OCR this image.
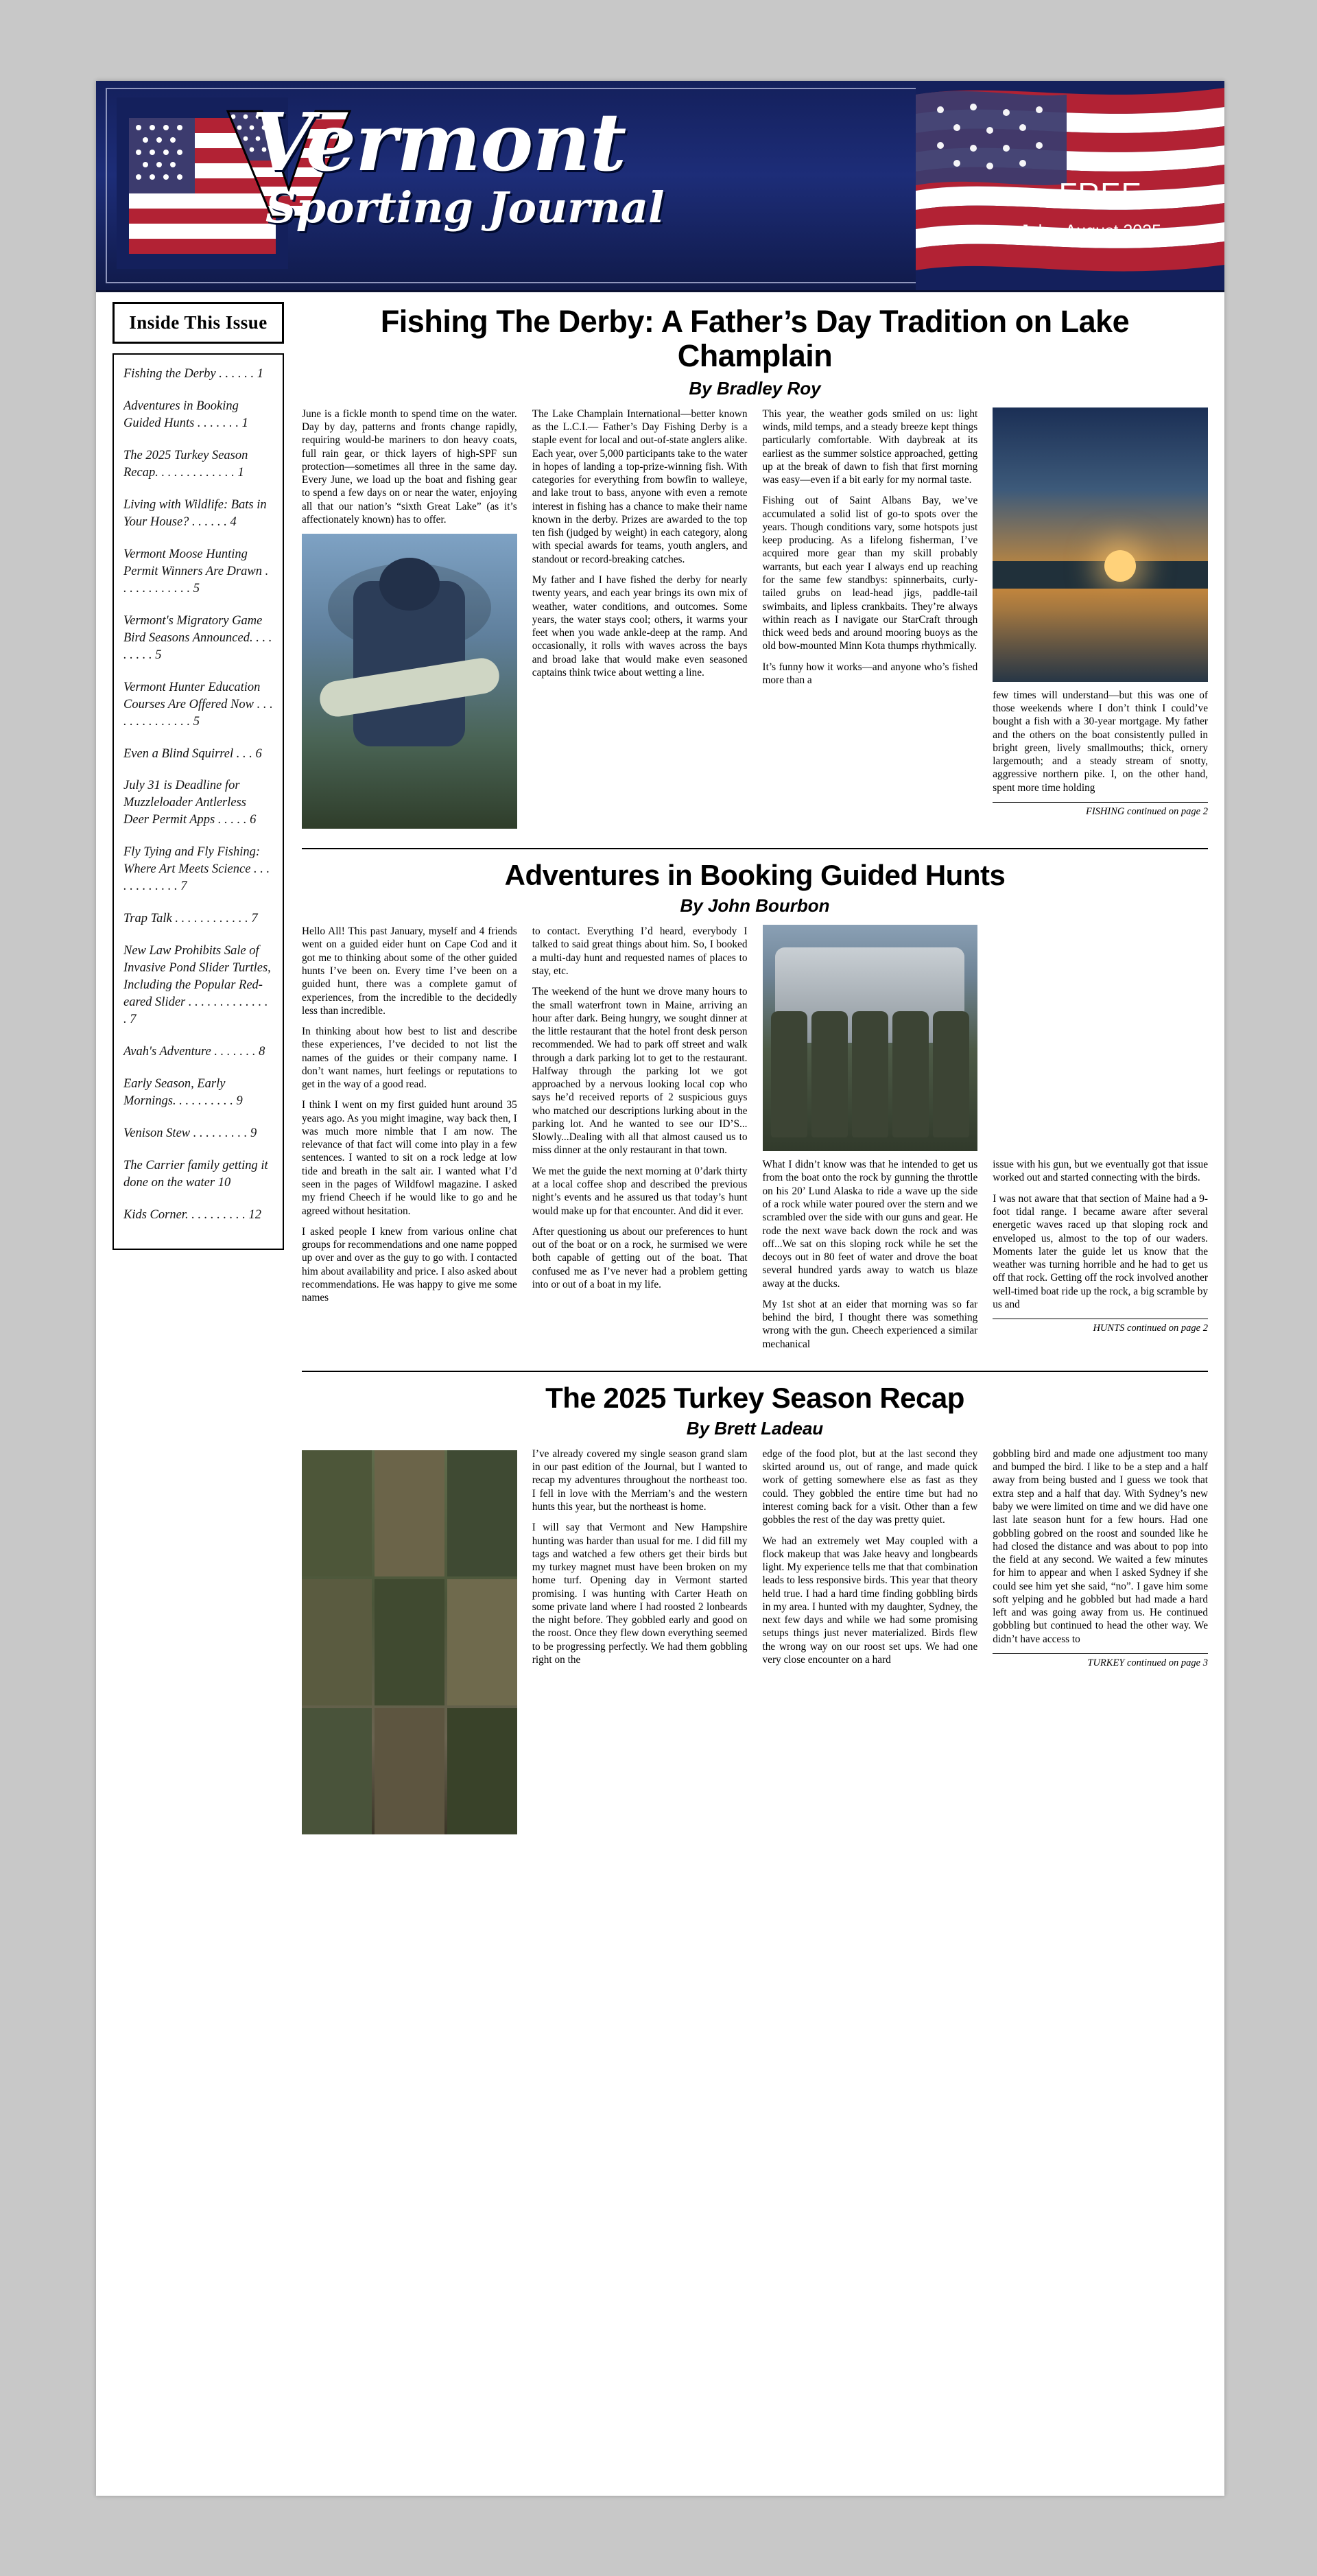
Vermont
Sporting Journal	FREE
July - August 2025
Inside This Issue
Fishing the Derby . . . . . . 1
Adventures in Booking Guided Hunts . . . . . . . 1
The 2025 Turkey Season Recap. . . . . . . . . . . . . 1
Living with Wildlife: Bats in Your House? . . . . . . 4
Vermont Moose Hunting Permit Winners Are Drawn . . . . . . . . . . . . 5
Vermont's Migratory Game Bird Seasons Announced. . . . . . . . . 5
Vermont Hunter Education Courses Are Offered Now . . . . . . . . . . . . . . 5
Even a Blind Squirrel . . . 6
July 31 is Deadline for Muzzleloader Antlerless Deer Permit Apps . . . . . 6
Fly Tying and Fly Fishing: Where Art Meets Science . . . . . . . . . . . . 7
Trap Talk . . . . . . . . . . . . 7
New Law Prohibits Sale of Invasive Pond Slider Turtles, Including the Popular Red-eared Slider . . . . . . . . . . . . . . 7
Avah's Adventure . . . . . . . 8
Early Season, Early Mornings. . . . . . . . . . 9
Venison Stew . . . . . . . . . 9
The Carrier family getting it done on the water 10
Kids Corner. . . . . . . . . . 12
Fishing The Derby: A Father’s Day Tradition on Lake Champlain
By Bradley Roy

June is a fickle month to spend time on the water. Day by day, patterns and fronts change rapidly, requiring would-be mariners to don heavy coats, full rain gear, or thick layers of high-SPF sun protection—sometimes all three in the same day. Every June, we load up the boat and fishing gear to spend a few days on or near the water, enjoying all that our nation’s “sixth Great Lake” (as it’s affectionately known) has to offer.

The Lake Champlain International—better known as the L.C.I.— Father’s Day Fishing Derby is a staple event for local and out-of-state anglers alike. Each year, over 5,000 participants take to the water in hopes of landing a top-prize-winning fish. With categories for everything from bowfin to walleye, and lake trout to bass, anyone with even a remote interest in fishing has a chance to make their name known in the derby. Prizes are awarded to the top ten fish (judged by weight) in each category, along with special awards for teams, youth anglers, and standout or record-breaking catches.

My father and I have fished the derby for nearly twenty years, and each year brings its own mix of weather, water conditions, and outcomes. Some years, the water stays cool; others, it warms your feet when you wade ankle-deep at the ramp. And occasionally, it rolls with waves across the bays and broad lake that would make even seasoned captains think twice about wetting a line.

This year, the weather gods smiled on us: light winds, mild temps, and a steady breeze kept things particularly comfortable. With daybreak at its earliest as the summer solstice approached, getting up at the break of dawn to fish that first morning was easy—even if a bit early for my normal taste.

Fishing out of Saint Albans Bay, we’ve accumulated a solid list of go-to spots over the years. Though conditions vary, some hotspots just keep producing. As a lifelong fisherman, I’ve acquired more gear than my skill probably warrants, but each year I always end up reaching for the same few standbys: spinnerbaits, curly-tailed grubs on lead-head jigs, paddle-tail swimbaits, and lipless crankbaits. They’re always within reach as I navigate our StarCraft through thick weed beds and around mooring buoys as the old bow-mounted Minn Kota thumps rhythmically.

It’s funny how it works—and anyone who’s fished more than a

few times will understand—but this was one of those weekends where I don’t think I could’ve bought a fish with a 30-year mortgage. My father and the others on the boat consistently pulled in bright green, lively smallmouths; thick, ornery largemouth; and a steady stream of snotty, aggressive northern pike. I, on the other hand, spent more time holding

FISHING continued on page 2
Adventures in Booking Guided Hunts
By John Bourbon

Hello All! This past January, myself and 4 friends went on a guided eider hunt on Cape Cod and it got me to thinking about some of the other guided hunts I’ve been on. Every time I’ve been on a guided hunt, there was a complete gamut of experiences, from the incredible to the decidedly less than incredible.

In thinking about how best to list and describe these experiences, I’ve decided to not list the names of the guides or their company name. I don’t want names, hurt feelings or reputations to get in the way of a good read.

I think I went on my first guided hunt around 35 years ago. As you might imagine, way back then, I was much more nimble that I am now. The relevance of that fact will come into play in a few sentences. I wanted to sit on a rock ledge at low tide and breath in the salt air. I wanted what I’d seen in the pages of Wildfowl magazine. I asked my friend Cheech if he would like to go and he agreed without hesitation.

I asked people I knew from various online chat groups for recommendations and one name popped up over and over as the guy to go with. I contacted him about availability and price. I also asked about recommendations. He was happy to give me some names

to contact. Everything I’d heard, everybody I talked to said great things about him. So, I booked a multi-day hunt and requested names of places to stay, etc.

The weekend of the hunt we drove many hours to the small waterfront town in Maine, arriving an hour after dark. Being hungry, we sought dinner at the little restaurant that the hotel front desk person recommended. We had to park off street and walk through a dark parking lot to get to the restaurant. Halfway through the parking lot we got approached by a nervous looking local cop who says he’d received reports of 2 suspicious guys who matched our descriptions lurking about in the parking lot. And he wanted to see our ID’S... Slowly...Dealing with all that almost caused us to miss dinner at the only restaurant in that town.

We met the guide the next morning at 0’dark thirty at a local coffee shop and described the previous night’s events and he assured us that today’s hunt would make up for that encounter. And did it ever.

After questioning us about our preferences to hunt out of the boat or on a rock, he surmised we were both capable of getting out of the boat. That confused me as I’ve never had a problem getting into or out of a boat in my life.

What I didn’t know was that he intended to get us from the boat onto the rock by gunning the throttle on his 20’ Lund Alaska to ride a wave up the side of a rock while water poured over the stern and we scrambled over the side with our guns and gear. He rode the next wave back down the rock and was off...We sat on this sloping rock while he set the decoys out in 80 feet of water and drove the boat several hundred yards away to watch us blaze away at the ducks.

My 1st shot at an eider that morning was so far behind the bird, I thought there was something wrong with the gun. Cheech experienced a similar mechanical

issue with his gun, but we eventually got that issue worked out and started connecting with the birds.

I was not aware that that section of Maine had a 9-foot tidal range. I became aware after several energetic waves raced up that sloping rock and enveloped us, almost to the top of our waders. Moments later the guide let us know that the weather was turning horrible and he had to get us off that rock. Getting off the rock involved another well-timed boat ride up the rock, a big scramble by us and

HUNTS continued on page 2
The 2025 Turkey Season Recap
By Brett Ladeau

I’ve already covered my single season grand slam in our past edition of the Journal, but I wanted to recap my adventures throughout the northeast too. I fell in love with the Merriam’s and the western hunts this year, but the northeast is home.

I will say that Vermont and New Hampshire hunting was harder than usual for me. I did fill my tags and watched a few others get their birds but my turkey magnet must have been broken on my home turf. Opening day in Vermont started promising. I was hunting with Carter Heath on some private land where I had roosted 2 lonbeards the night before. They gobbled early and good on the roost. Once they flew down everything seemed to be progressing perfectly. We had them gobbling right on the

edge of the food plot, but at the last second they skirted around us, out of range, and made quick work of getting somewhere else as fast as they could. They gobbled the entire time but had no interest coming back for a visit. Other than a few gobbles the rest of the day was pretty quiet.

We had an extremely wet May coupled with a flock makeup that was Jake heavy and longbeards light. My experience tells me that that combination leads to less responsive birds. This year that theory held true. I had a hard time finding gobbling birds in my area. I hunted with my daughter, Sydney, the next few days and while we had some promising setups things just never materialized. Birds flew the wrong way on our roost set ups. We had one very close encounter on a hard

gobbling bird and made one adjustment too many and bumped the bird. I like to be a step and a half away from being busted and I guess we took that extra step and a half that day. With Sydney’s new baby we were limited on time and we did have one last late season hunt for a few hours. Had one gobbling gobred on the roost and sounded like he had closed the distance and was about to pop into the field at any second. We waited a few minutes for him to appear and when I asked Sydney if she could see him yet she said, “no”. I gave him some soft yelping and he gobbled but had made a hard left and was going away from us. He continued gobbling but continued to head the other way. We didn’t have access to

TURKEY continued on page 3
